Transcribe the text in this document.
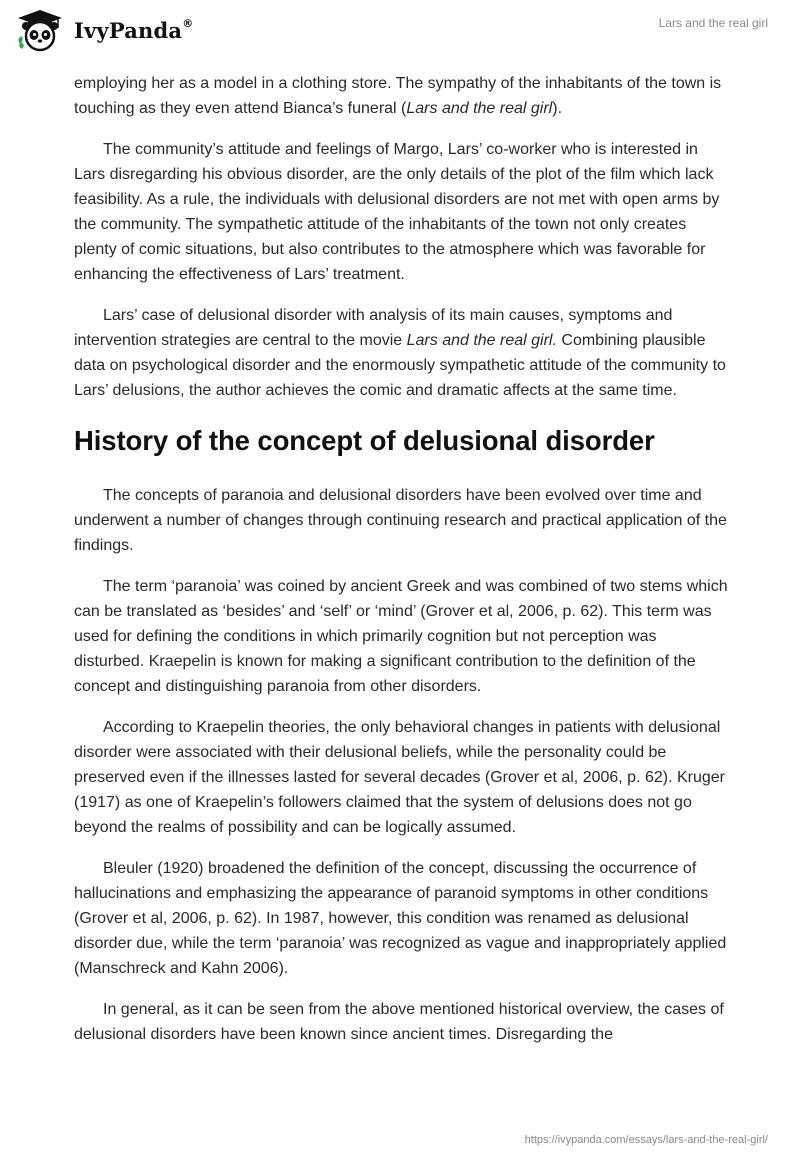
IvyPanda®	Lars and the real girl

employing her as a model in a clothing store. The sympathy of the inhabitants of the town is touching as they even attend Bianca’s funeral (Lars and the real girl).

The community’s attitude and feelings of Margo, Lars’ co-worker who is interested in Lars disregarding his obvious disorder, are the only details of the plot of the film which lack feasibility. As a rule, the individuals with delusional disorders are not met with open arms by the community. The sympathetic attitude of the inhabitants of the town not only creates plenty of comic situations, but also contributes to the atmosphere which was favorable for enhancing the effectiveness of Lars’ treatment.

Lars’ case of delusional disorder with analysis of its main causes, symptoms and intervention strategies are central to the movie Lars and the real girl. Combining plausible data on psychological disorder and the enormously sympathetic attitude of the community to Lars’ delusions, the author achieves the comic and dramatic affects at the same time.

History of the concept of delusional disorder

The concepts of paranoia and delusional disorders have been evolved over time and underwent a number of changes through continuing research and practical application of the findings.

The term ‘paranoia’ was coined by ancient Greek and was combined of two stems which can be translated as ‘besides’ and ‘self’ or ‘mind’ (Grover et al, 2006, p. 62). This term was used for defining the conditions in which primarily cognition but not perception was disturbed. Kraepelin is known for making a significant contribution to the definition of the concept and distinguishing paranoia from other disorders.

According to Kraepelin theories, the only behavioral changes in patients with delusional disorder were associated with their delusional beliefs, while the personality could be preserved even if the illnesses lasted for several decades (Grover et al, 2006, p. 62). Kruger (1917) as one of Kraepelin’s followers claimed that the system of delusions does not go beyond the realms of possibility and can be logically assumed.

Bleuler (1920) broadened the definition of the concept, discussing the occurrence of hallucinations and emphasizing the appearance of paranoid symptoms in other conditions (Grover et al, 2006, p. 62). In 1987, however, this condition was renamed as delusional disorder due, while the term ‘paranoia’ was recognized as vague and inappropriately applied (Manschreck and Kahn 2006).

In general, as it can be seen from the above mentioned historical overview, the cases of delusional disorders have been known since ancient times. Disregarding the

https://ivypanda.com/essays/lars-and-the-real-girl/
